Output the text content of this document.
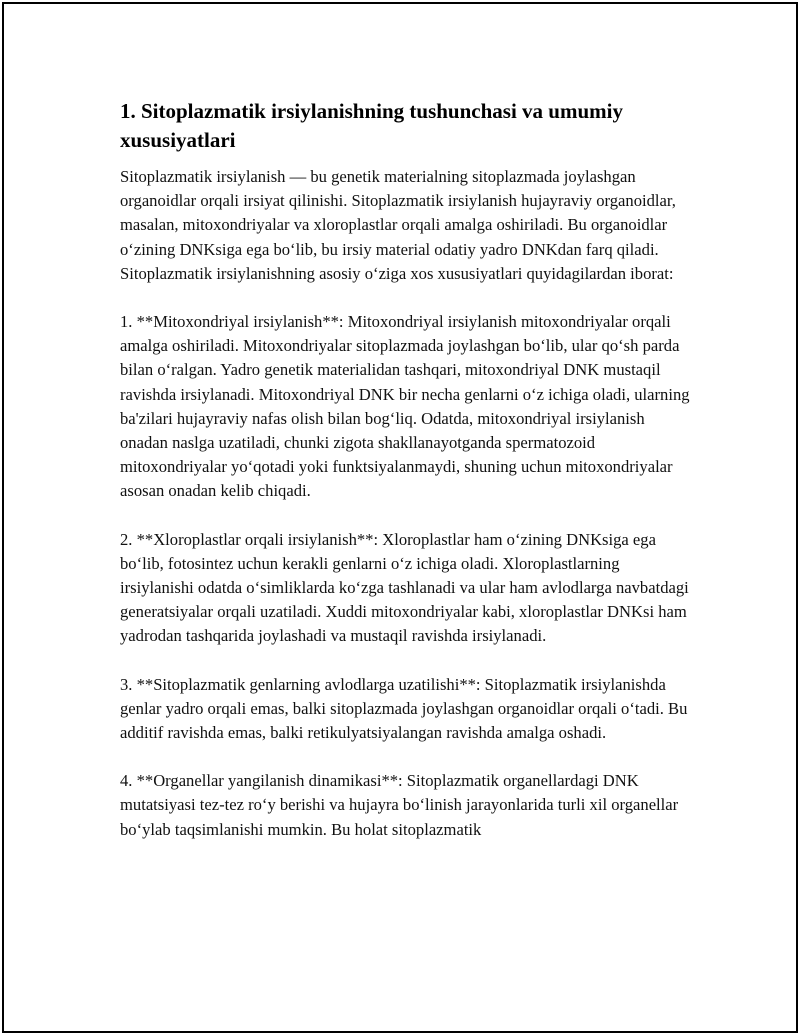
1. Sitoplazmatik irsiylanishning tushunchasi va umumiy xususiyatlari

Sitoplazmatik irsiylanish — bu genetik materialning sitoplazmada joylashgan organoidlar orqali irsiyat qilinishi. Sitoplazmatik irsiylanish hujayraviy organoidlar, masalan, mitoxondriyalar va xloroplastlar orqali amalga oshiriladi. Bu organoidlar oʻzining DNKsiga ega boʻlib, bu irsiy material odatiy yadro DNKdan farq qiladi. Sitoplazmatik irsiylanishning asosiy oʻziga xos xususiyatlari quyidagilardan iborat:

1. **Mitoxondriyal irsiylanish**: Mitoxondriyal irsiylanish mitoxondriyalar orqali amalga oshiriladi. Mitoxondriyalar sitoplazmada joylashgan boʻlib, ular qoʻsh parda bilan oʻralgan. Yadro genetik materialidan tashqari, mitoxondriyal DNK mustaqil ravishda irsiylanadi. Mitoxondriyal DNK bir necha genlarni oʻz ichiga oladi, ularning ba'zilari hujayraviy nafas olish bilan bogʻliq. Odatda, mitoxondriyal irsiylanish onadan naslga uzatiladi, chunki zigota shakllanayotganda spermatozoid mitoxondriyalar yoʻqotadi yoki funktsiyalanmaydi, shuning uchun mitoxondriyalar asosan onadan kelib chiqadi.

2. **Xloroplastlar orqali irsiylanish**: Xloroplastlar ham oʻzining DNKsiga ega boʻlib, fotosintez uchun kerakli genlarni oʻz ichiga oladi. Xloroplastlarning irsiylanishi odatda oʻsimliklarda koʻzga tashlanadi va ular ham avlodlarga navbatdagi generatsiyalar orqali uzatiladi. Xuddi mitoxondriyalar kabi, xloroplastlar DNKsi ham yadrodan tashqarida joylashadi va mustaqil ravishda irsiylanadi.

3. **Sitoplazmatik genlarning avlodlarga uzatilishi**: Sitoplazmatik irsiylanishda genlar yadro orqali emas, balki sitoplazmada joylashgan organoidlar orqali oʻtadi. Bu additif ravishda emas, balki retikulyatsiyalangan ravishda amalga oshadi.

4. **Organellar yangilanish dinamikasi**: Sitoplazmatik organellardagi DNK mutatsiyasi tez-tez roʻy berishi va hujayra boʻlinish jarayonlarida turli xil organellar boʻylab taqsimlanishi mumkin. Bu holat sitoplazmatik
